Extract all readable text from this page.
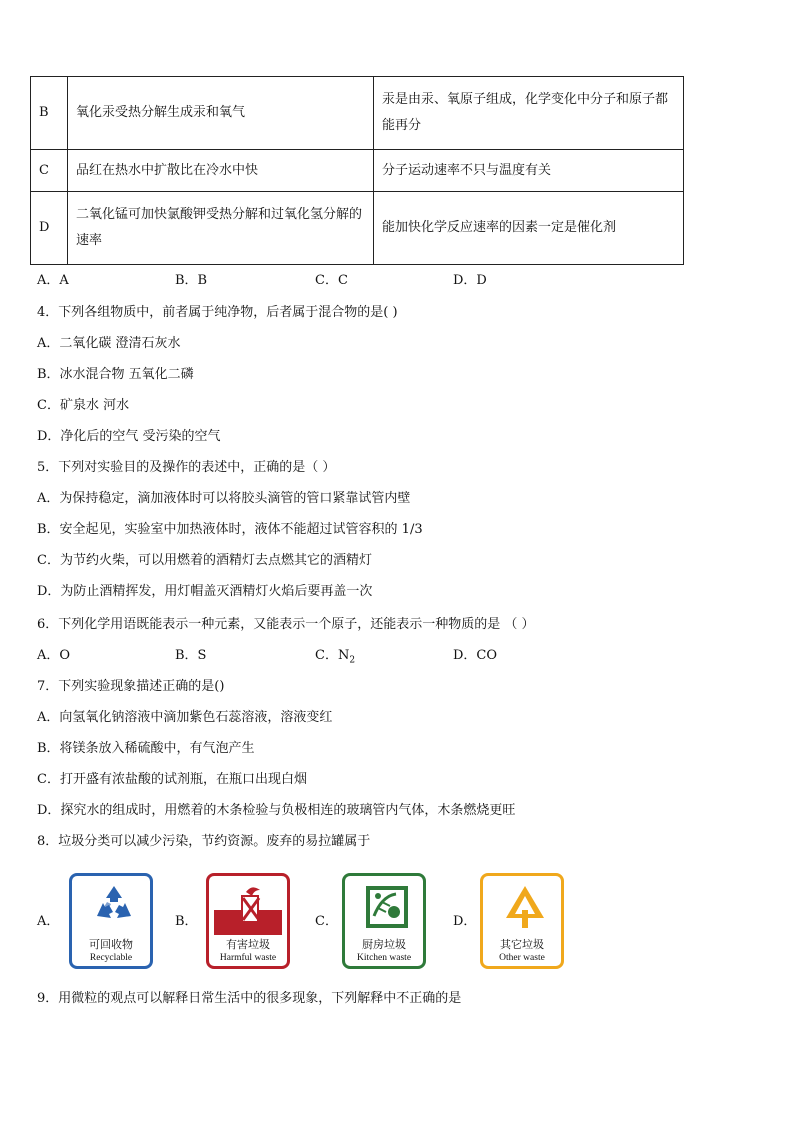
B	氧化汞受热分解生成汞和氧气	汞是由汞、氧原子组成，化学变化中分子和原子都能再分
C	品红在热水中扩散比在冷水中快	分子运动速率不只与温度有关
D	二氧化锰可加快氯酸钾受热分解和过氧化氢分解的速率	能加快化学反应速率的因素一定是催化剂
A．A	B．B	C．C	D．D
4．下列各组物质中，前者属于纯净物，后者属于混合物的是( )
A．二氧化碳 澄清石灰水
B．冰水混合物 五氧化二磷
C．矿泉水 河水
D．净化后的空气 受污染的空气
5．下列对实验目的及操作的表述中，正确的是（ ）
A．为保持稳定，滴加液体时可以将胶头滴管的管口紧靠试管内壁
B．安全起见，实验室中加热液体时，液体不能超过试管容积的 1/3
C．为节约火柴，可以用燃着的酒精灯去点燃其它的酒精灯
D．为防止酒精挥发，用灯帽盖灭酒精灯火焰后要再盖一次
6．下列化学用语既能表示一种元素，又能表示一个原子，还能表示一种物质的是 （ ）
A．O	B．S	C．$N_2$	D．CO
7．下列实验现象描述正确的是()
A．向氢氧化钠溶液中滴加紫色石蕊溶液，溶液变红
B．将镁条放入稀硫酸中，有气泡产生
C．打开盛有浓盐酸的试剂瓶，在瓶口出现白烟
D．探究水的组成时，用燃着的木条检验与负极相连的玻璃管内气体，木条燃烧更旺
8．垃圾分类可以减少污染，节约资源。废弃的易拉罐属于
A．	B．	C．	D．
可回收物
Recyclable
有害垃圾
Harmful waste
厨房垃圾
Kitchen waste
其它垃圾
Other waste
9．用微粒的观点可以解释日常生活中的很多现象，下列解释中不正确的是
